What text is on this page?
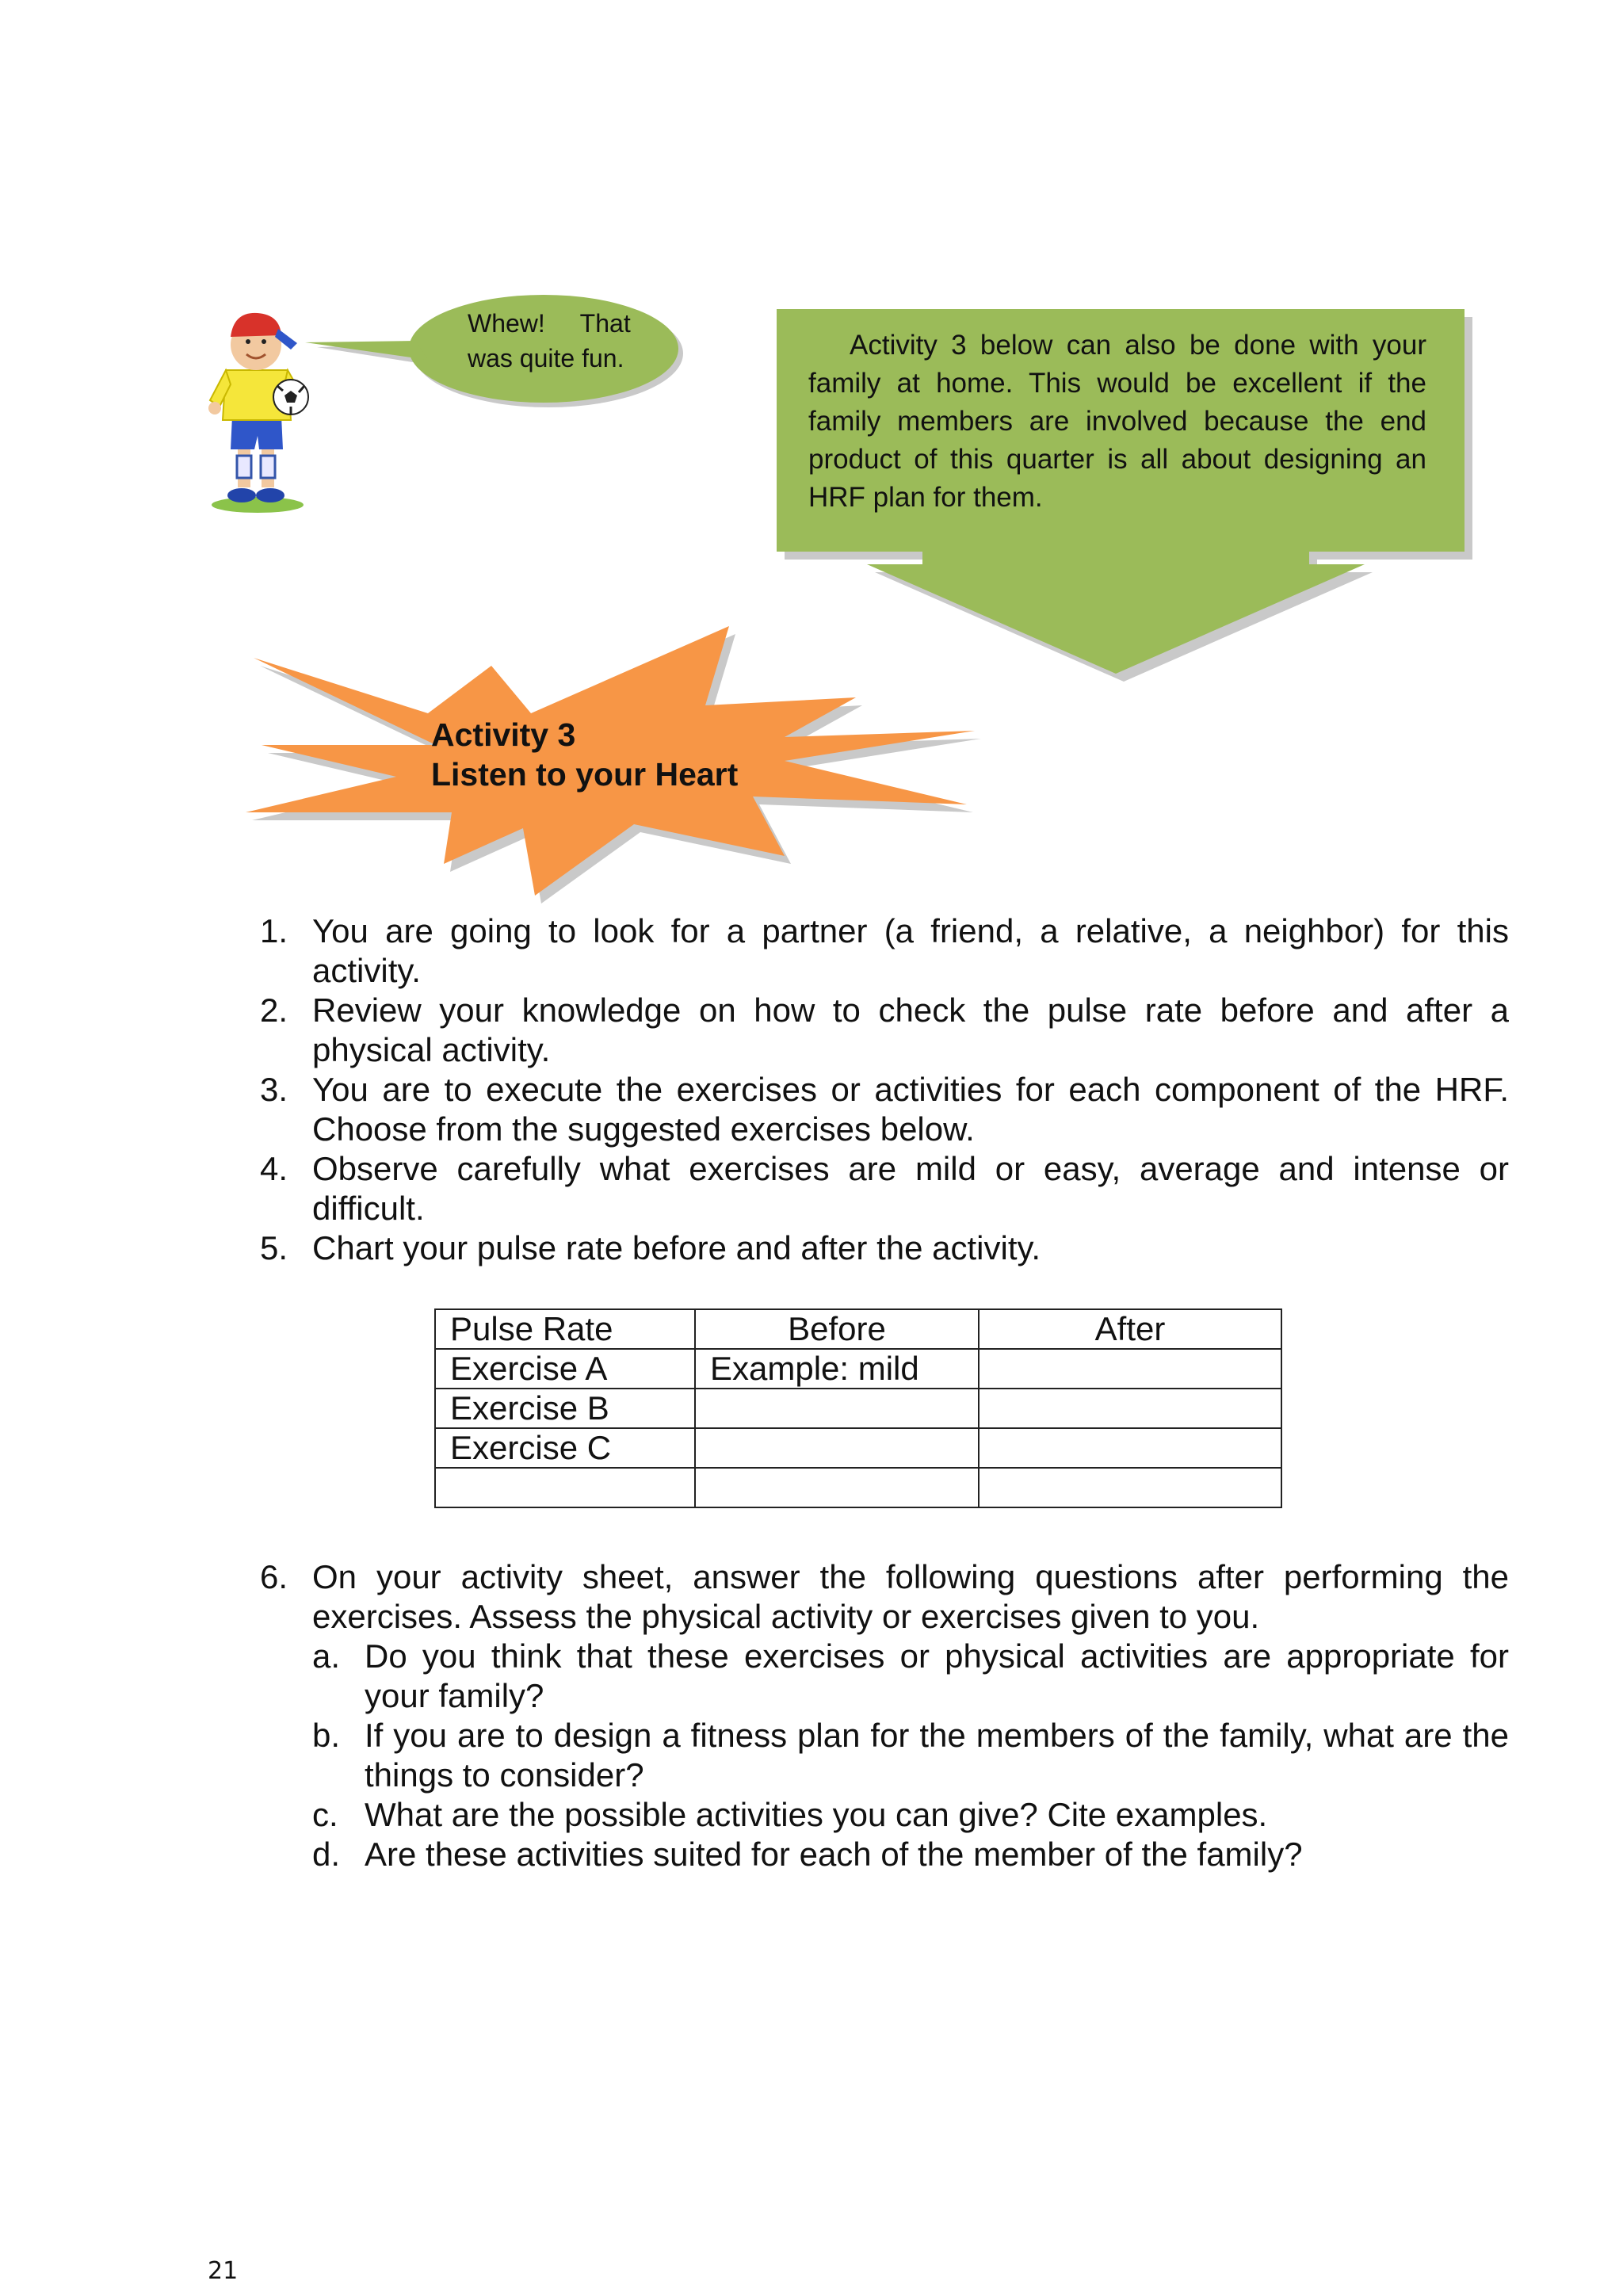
Whew!     That
was quite fun.	Activity 3 below can also be done with your family at home. This would be excellent if the family members are involved because the end product of this quarter is all about designing an HRF plan for them.
Activity 3
Listen to your Heart
1. You are going to look for a partner (a friend, a relative, a neighbor) for this activity.
2. Review your knowledge on how to check the pulse rate before and after a physical activity.
3. You are to execute the exercises or activities for each component of the HRF. Choose from the suggested exercises below.
4. Observe carefully what exercises are mild or easy, average and intense or difficult.
5. Chart your pulse rate before and after the activity.
Pulse Rate	Before	After
Exercise A	Example: mild	
Exercise B		
Exercise C		

6. On your activity sheet, answer the following questions after performing the exercises. Assess the physical activity or exercises given to you.
a. Do you think that these exercises or physical activities are appropriate for your family?
b. If you are to design a fitness plan for the members of the family, what are the things to consider?
c. What are the possible activities you can give? Cite examples.
d. Are these activities suited for each of the member of the family?
21
